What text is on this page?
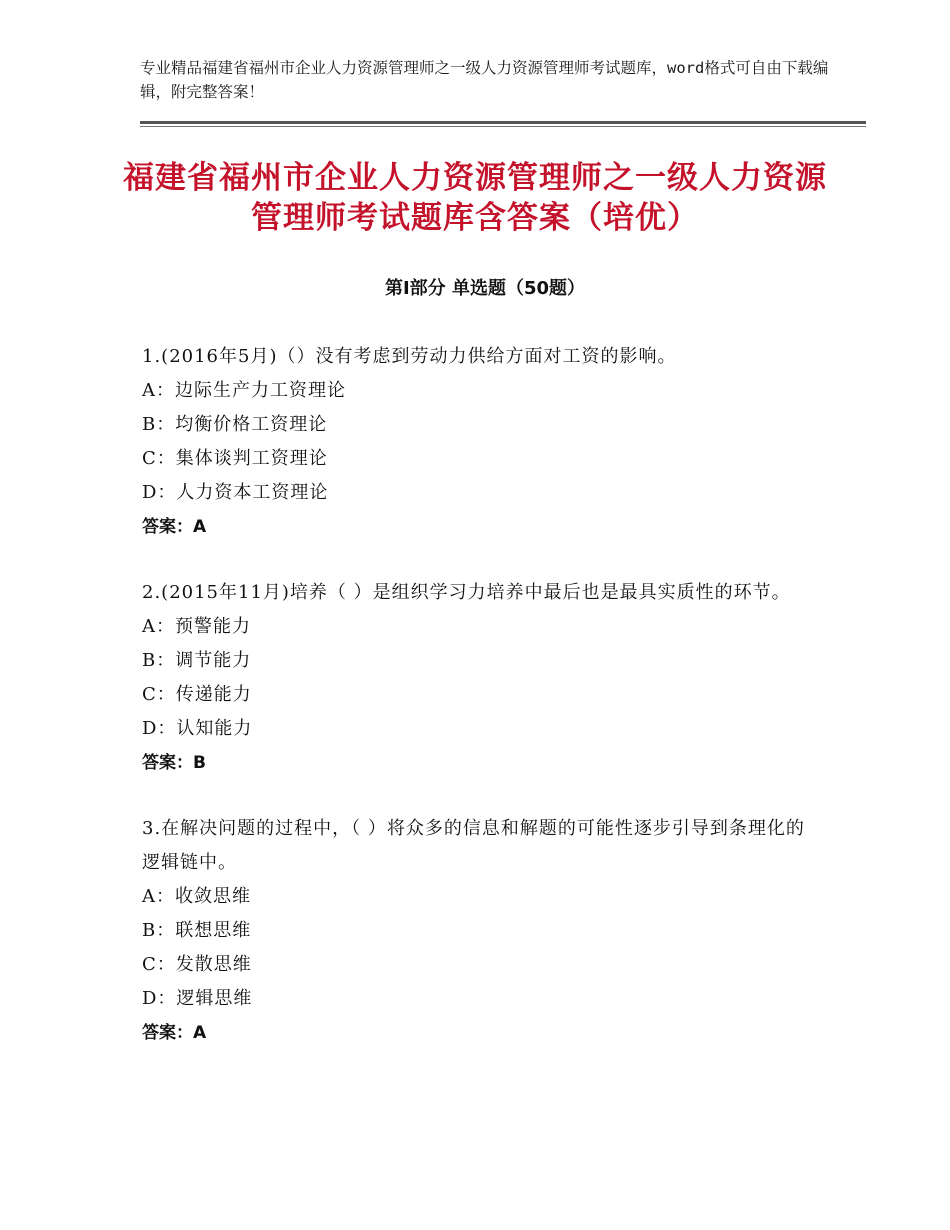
专业精品福建省福州市企业人力资源管理师之一级人力资源管理师考试题库，word格式可自由下载编辑，附完整答案！
福建省福州市企业人力资源管理师之一级人力资源管理师考试题库含答案（培优）
第Ⅰ部分 单选题（50题）
1.(2016年5月)（）没有考虑到劳动力供给方面对工资的影响。
A：边际生产力工资理论
B：均衡价格工资理论
C：集体谈判工资理论
D：人力资本工资理论
答案：A
2.(2015年11月)培养（ ）是组织学习力培养中最后也是最具实质性的环节。
A：预警能力
B：调节能力
C：传递能力
D：认知能力
答案：B
3.在解决问题的过程中，（ ）将众多的信息和解题的可能性逐步引导到条理化的逻辑链中。
A：收敛思维
B：联想思维
C：发散思维
D：逻辑思维
答案：A
